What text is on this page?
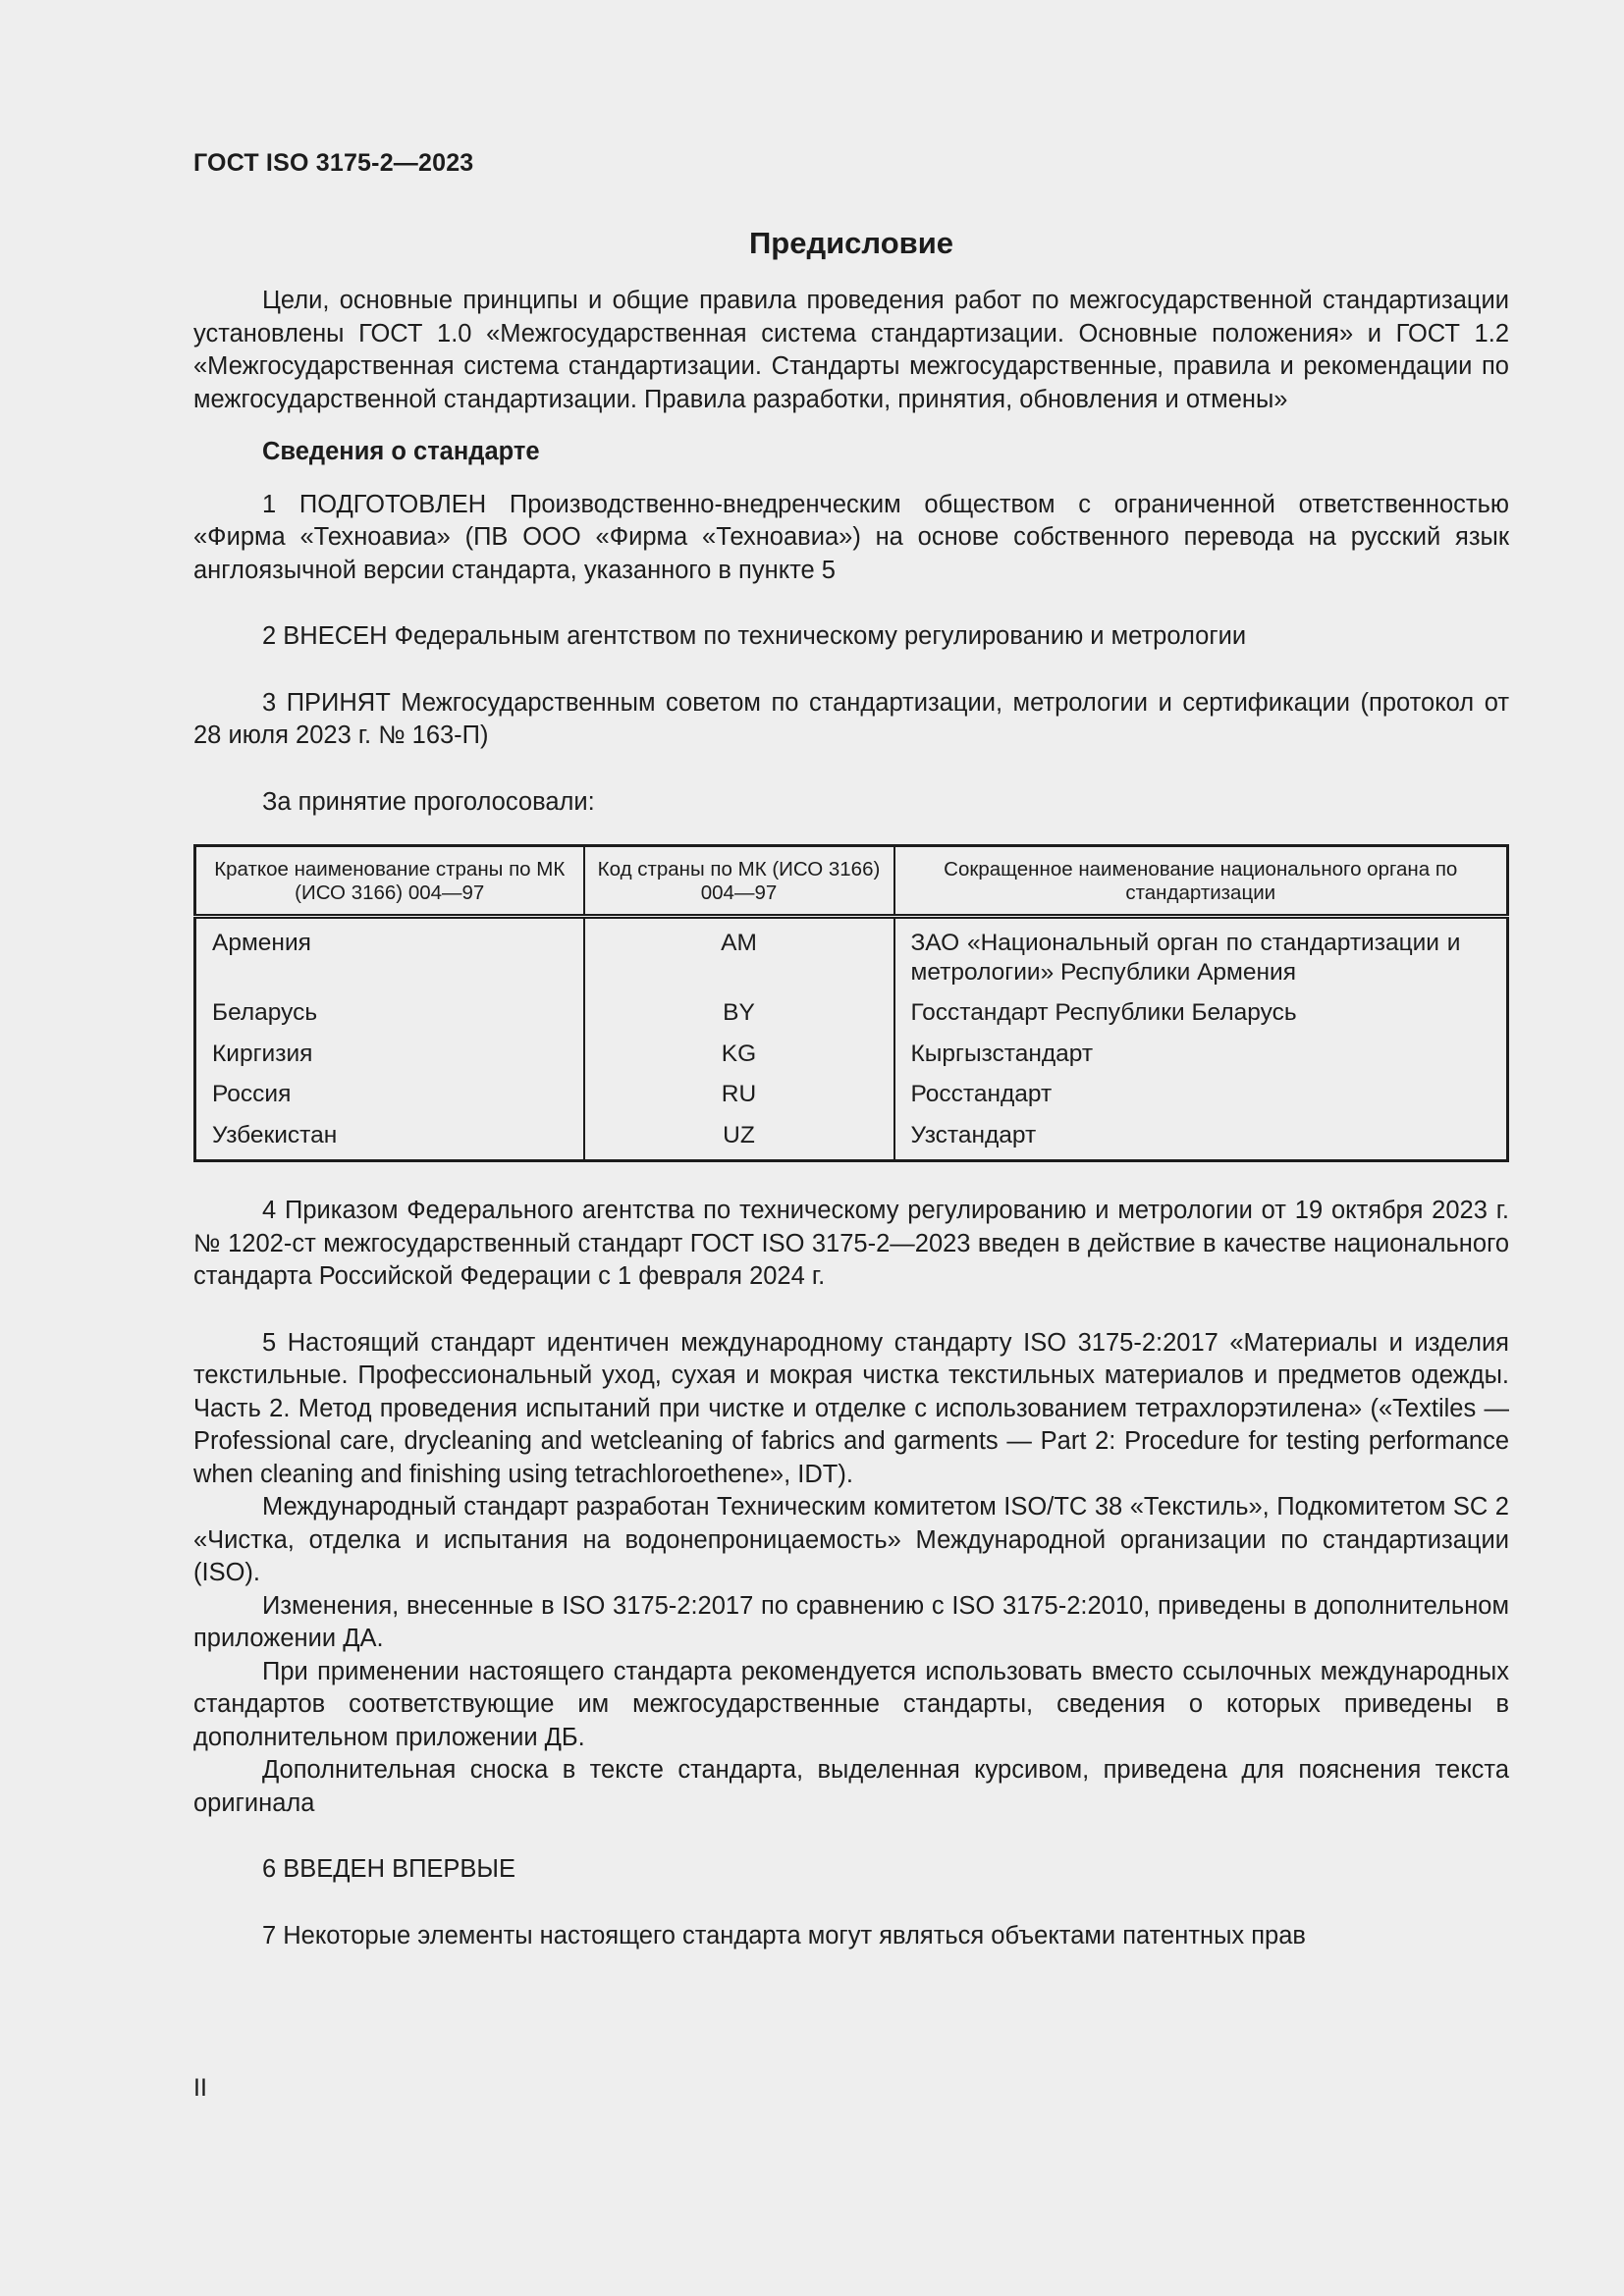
ГОСТ ISO 3175-2—2023
Предисловие

Цели, основные принципы и общие правила проведения работ по межгосударственной стандартизации установлены ГОСТ 1.0 «Межгосударственная система стандартизации. Основные положения» и ГОСТ 1.2 «Межгосударственная система стандартизации. Стандарты межгосударственные, правила и рекомендации по межгосударственной стандартизации. Правила разработки, принятия, обновления и отмены»

Сведения о стандарте

1 ПОДГОТОВЛЕН Производственно-внедренческим обществом с ограниченной ответственностью «Фирма «Техноавиа» (ПВ ООО «Фирма «Техноавиа») на основе собственного перевода на русский язык англоязычной версии стандарта, указанного в пункте 5

2 ВНЕСЕН Федеральным агентством по техническому регулированию и метрологии

3 ПРИНЯТ Межгосударственным советом по стандартизации, метрологии и сертификации (протокол от 28 июля 2023 г. № 163-П)

За принятие проголосовали:

Краткое наименование страны по МК (ИСО 3166) 004—97	Код страны по МК (ИСО 3166) 004—97	Сокращенное наименование национального органа по стандартизации
Армения	AM	ЗАО «Национальный орган по стандартизации и метрологии» Республики Армения

Беларусь	BY	Госстандарт Республики Беларусь
Киргизия	KG	Кыргызстандарт
Россия	RU	Росстандарт
Узбекистан	UZ	Узстандарт

4 Приказом Федерального агентства по техническому регулированию и метрологии от 19 октября 2023 г. № 1202-ст межгосударственный стандарт ГОСТ ISO 3175-2—2023 введен в действие в качестве национального стандарта Российской Федерации с 1 февраля 2024 г.

5 Настоящий стандарт идентичен международному стандарту ISO 3175-2:2017 «Материалы и изделия текстильные. Профессиональный уход, сухая и мокрая чистка текстильных материалов и предметов одежды. Часть 2. Метод проведения испытаний при чистке и отделке с использованием тетрахлорэтилена» («Textiles — Professional care, drycleaning and wetcleaning of fabrics and garments — Part 2: Procedure for testing performance when cleaning and finishing using tetrachloroethene», IDT).

Международный стандарт разработан Техническим комитетом ISO/TC 38 «Текстиль», Подкомитетом SC 2 «Чистка, отделка и испытания на водонепроницаемость» Международной организации по стандартизации (ISO).

Изменения, внесенные в ISO 3175-2:2017 по сравнению с ISO 3175-2:2010, приведены в дополнительном приложении ДА.

При применении настоящего стандарта рекомендуется использовать вместо ссылочных международных стандартов соответствующие им межгосударственные стандарты, сведения о которых приведены в дополнительном приложении ДБ.

Дополнительная сноска в тексте стандарта, выделенная курсивом, приведена для пояснения текста оригинала

6 ВВЕДЕН ВПЕРВЫЕ

7 Некоторые элементы настоящего стандарта могут являться объектами патентных прав

II
